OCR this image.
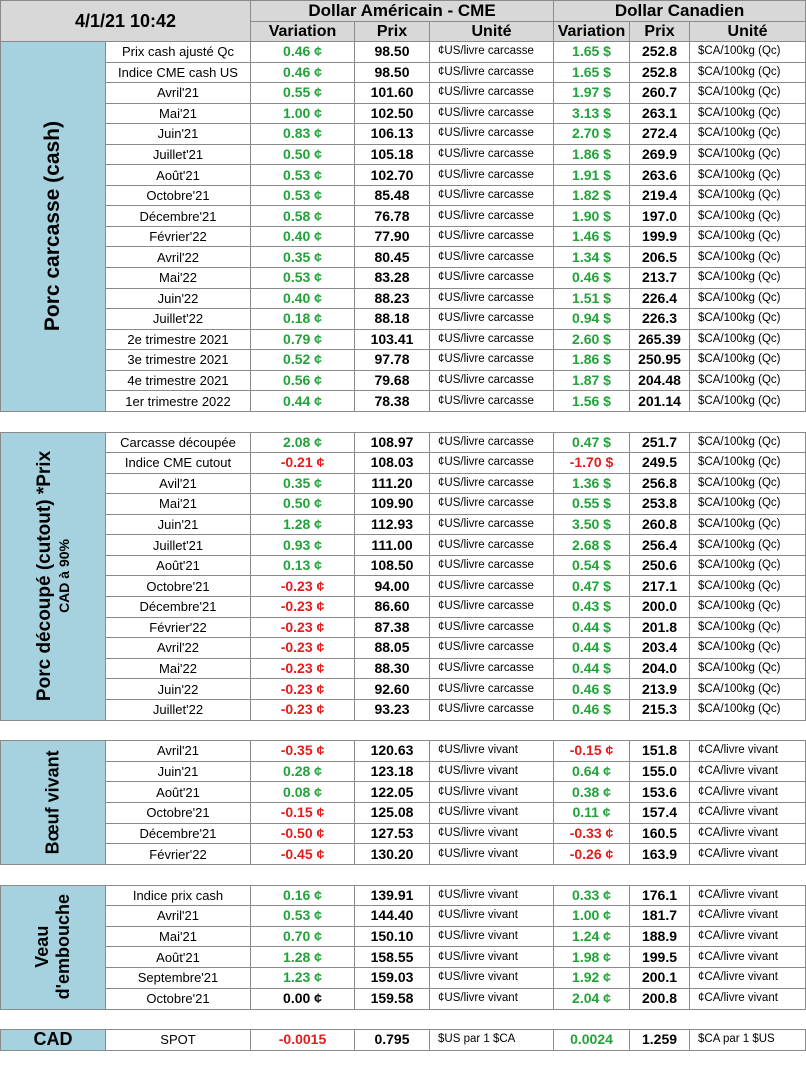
4/1/21 10:42		Dollar Américain - CME			Dollar Canadien		
		Variation	Prix	Unité	Variation	Prix	Unité

Porc carcasse (cash)	Prix cash ajusté Qc	0.46 ¢	98.50	¢US/livre carcasse	1.65 $	252.8	$CA/100kg (Qc)
	Indice CME cash US	0.46 ¢	98.50	¢US/livre carcasse	1.65 $	252.8	$CA/100kg (Qc)
	Avril'21	0.55 ¢	101.60	¢US/livre carcasse	1.97 $	260.7	$CA/100kg (Qc)
	Mai'21	1.00 ¢	102.50	¢US/livre carcasse	3.13 $	263.1	$CA/100kg (Qc)
	Juin'21	0.83 ¢	106.13	¢US/livre carcasse	2.70 $	272.4	$CA/100kg (Qc)
	Juillet'21	0.50 ¢	105.18	¢US/livre carcasse	1.86 $	269.9	$CA/100kg (Qc)
	Août'21	0.53 ¢	102.70	¢US/livre carcasse	1.91 $	263.6	$CA/100kg (Qc)
	Octobre'21	0.53 ¢	85.48	¢US/livre carcasse	1.82 $	219.4	$CA/100kg (Qc)
	Décembre'21	0.58 ¢	76.78	¢US/livre carcasse	1.90 $	197.0	$CA/100kg (Qc)
	Février'22	0.40 ¢	77.90	¢US/livre carcasse	1.46 $	199.9	$CA/100kg (Qc)
	Avril'22	0.35 ¢	80.45	¢US/livre carcasse	1.34 $	206.5	$CA/100kg (Qc)
	Mai'22	0.53 ¢	83.28	¢US/livre carcasse	0.46 $	213.7	$CA/100kg (Qc)
	Juin'22	0.40 ¢	88.23	¢US/livre carcasse	1.51 $	226.4	$CA/100kg (Qc)
	Juillet'22	0.18 ¢	88.18	¢US/livre carcasse	0.94 $	226.3	$CA/100kg (Qc)
	2e trimestre 2021	0.79 ¢	103.41	¢US/livre carcasse	2.60 $	265.39	$CA/100kg (Qc)
	3e trimestre 2021	0.52 ¢	97.78	¢US/livre carcasse	1.86 $	250.95	$CA/100kg (Qc)
	4e trimestre 2021	0.56 ¢	79.68	¢US/livre carcasse	1.87 $	204.48	$CA/100kg (Qc)
	1er trimestre 2022	0.44 ¢	78.38	¢US/livre carcasse	1.56 $	201.14	$CA/100kg (Qc)

Porc découpé (cutout) *Prix CAD à 90%	Carcasse découpée	2.08 ¢	108.97	¢US/livre carcasse	0.47 $	251.7	$CA/100kg (Qc)
	Indice CME cutout	-0.21 ¢	108.03	¢US/livre carcasse	-1.70 $	249.5	$CA/100kg (Qc)
	Avil'21	0.35 ¢	111.20	¢US/livre carcasse	1.36 $	256.8	$CA/100kg (Qc)
	Mai'21	0.50 ¢	109.90	¢US/livre carcasse	0.55 $	253.8	$CA/100kg (Qc)
	Juin'21	1.28 ¢	112.93	¢US/livre carcasse	3.50 $	260.8	$CA/100kg (Qc)
	Juillet'21	0.93 ¢	111.00	¢US/livre carcasse	2.68 $	256.4	$CA/100kg (Qc)
	Août'21	0.13 ¢	108.50	¢US/livre carcasse	0.54 $	250.6	$CA/100kg (Qc)
	Octobre'21	-0.23 ¢	94.00	¢US/livre carcasse	0.47 $	217.1	$CA/100kg (Qc)
	Décembre'21	-0.23 ¢	86.60	¢US/livre carcasse	0.43 $	200.0	$CA/100kg (Qc)
	Février'22	-0.23 ¢	87.38	¢US/livre carcasse	0.44 $	201.8	$CA/100kg (Qc)
	Avril'22	-0.23 ¢	88.05	¢US/livre carcasse	0.44 $	203.4	$CA/100kg (Qc)
	Mai'22	-0.23 ¢	88.30	¢US/livre carcasse	0.44 $	204.0	$CA/100kg (Qc)
	Juin'22	-0.23 ¢	92.60	¢US/livre carcasse	0.46 $	213.9	$CA/100kg (Qc)
	Juillet'22	-0.23 ¢	93.23	¢US/livre carcasse	0.46 $	215.3	$CA/100kg (Qc)

Bœuf vivant	Avril'21	-0.35 ¢	120.63	¢US/livre vivant	-0.15 ¢	151.8	¢CA/livre vivant
	Juin'21	0.28 ¢	123.18	¢US/livre vivant	0.64 ¢	155.0	¢CA/livre vivant
	Août'21	0.08 ¢	122.05	¢US/livre vivant	0.38 ¢	153.6	¢CA/livre vivant
	Octobre'21	-0.15 ¢	125.08	¢US/livre vivant	0.11 ¢	157.4	¢CA/livre vivant
	Décembre'21	-0.50 ¢	127.53	¢US/livre vivant	-0.33 ¢	160.5	¢CA/livre vivant
	Février'22	-0.45 ¢	130.20	¢US/livre vivant	-0.26 ¢	163.9	¢CA/livre vivant

Veau d'embouche	Indice prix cash	0.16 ¢	139.91	¢US/livre vivant	0.33 ¢	176.1	¢CA/livre vivant
	Avril'21	0.53 ¢	144.40	¢US/livre vivant	1.00 ¢	181.7	¢CA/livre vivant
	Mai'21	0.70 ¢	150.10	¢US/livre vivant	1.24 ¢	188.9	¢CA/livre vivant
	Août'21	1.28 ¢	158.55	¢US/livre vivant	1.98 ¢	199.5	¢CA/livre vivant
	Septembre'21	1.23 ¢	159.03	¢US/livre vivant	1.92 ¢	200.1	¢CA/livre vivant
	Octobre'21	0.00 ¢	159.58	¢US/livre vivant	2.04 ¢	200.8	¢CA/livre vivant

CAD	SPOT	-0.0015	0.795	$US par 1 $CA	0.0024	1.259	$CA par 1 $US
